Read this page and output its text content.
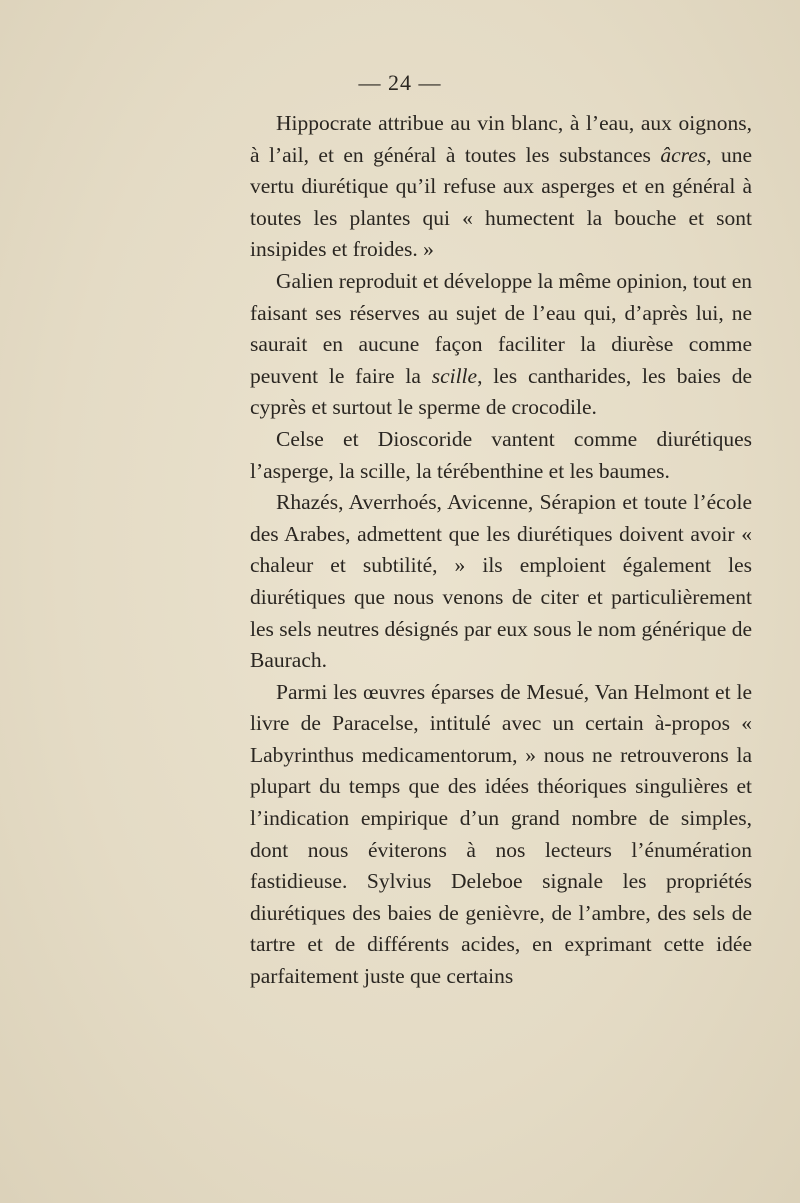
— 24 —

Hippocrate attribue au vin blanc, à l’eau, aux oignons, à l’ail, et en général à toutes les substances âcres, une vertu diurétique qu’il refuse aux asperges et en général à toutes les plantes qui « humectent la bouche et sont insipides et froides. »

Galien reproduit et développe la même opinion, tout en faisant ses réserves au sujet de l’eau qui, d’après lui, ne saurait en aucune façon faciliter la diurèse comme peuvent le faire la scille, les cantharides, les baies de cyprès et surtout le sperme de crocodile.

Celse et Dioscoride vantent comme diurétiques l’asperge, la scille, la térébenthine et les baumes.

Rhazés, Averrhoés, Avicenne, Sérapion et toute l’école des Arabes, admettent que les diurétiques doivent avoir « chaleur et subtilité, » ils emploient également les diurétiques que nous venons de citer et particulièrement les sels neutres désignés par eux sous le nom générique de Baurach.

Parmi les œuvres éparses de Mesué, Van Helmont et le livre de Paracelse, intitulé avec un certain à-propos « Labyrinthus medicamentorum, » nous ne retrouverons la plupart du temps que des idées théoriques singulières et l’indication empirique d’un grand nombre de simples, dont nous éviterons à nos lecteurs l’énumération fastidieuse. Sylvius Deleboe signale les propriétés diurétiques des baies de genièvre, de l’ambre, des sels de tartre et de différents acides, en exprimant cette idée parfaitement juste que certains
